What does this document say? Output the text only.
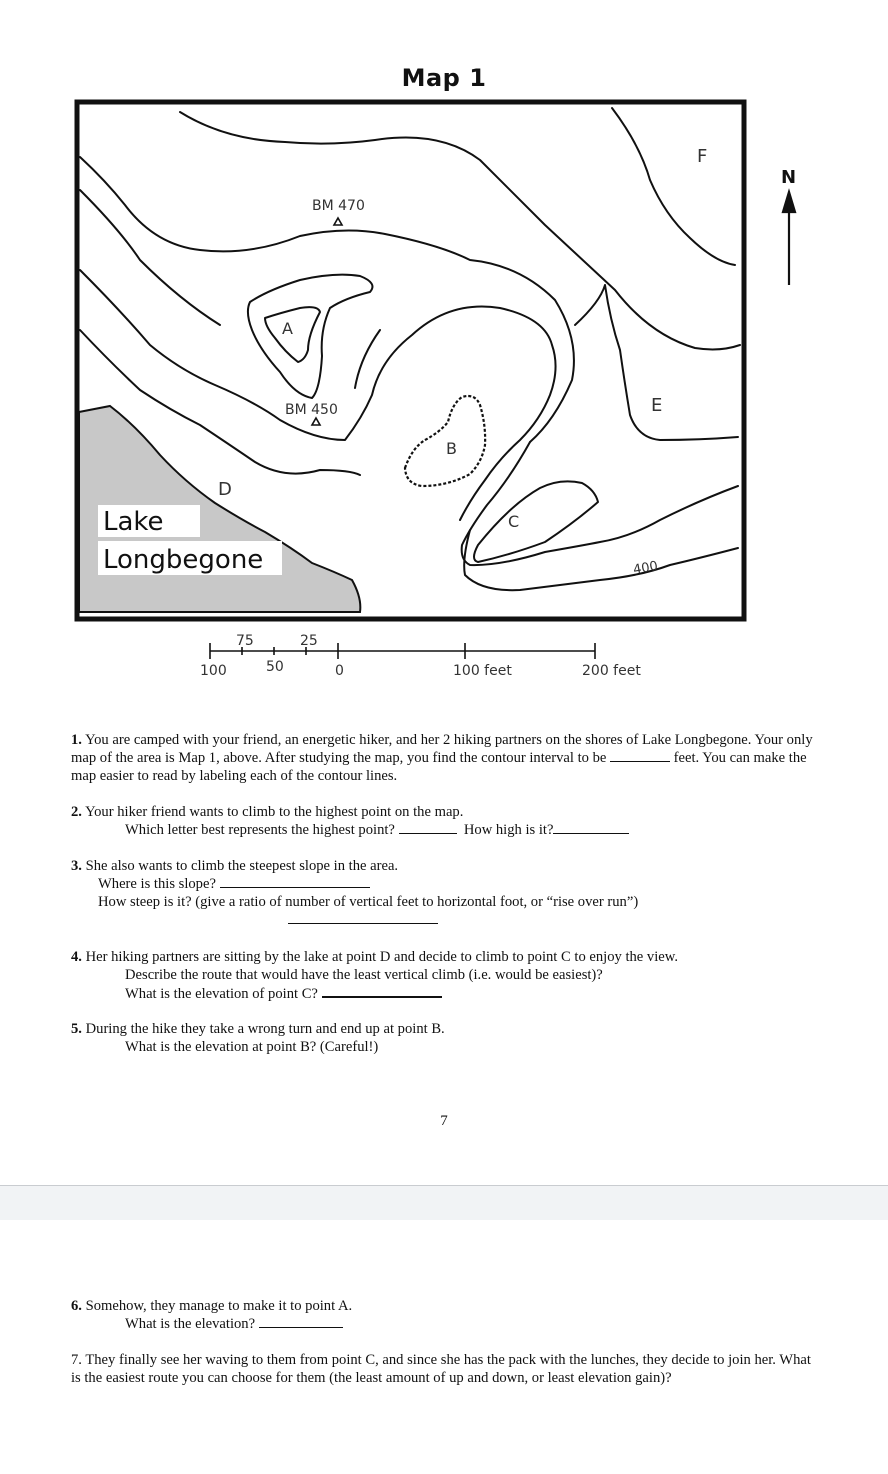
Map 1
BM 470
BM 450
A
B
C
D
E
F
400
Lake
Longbegone
N
75	25
100	50	0	100 feet	200 feet
1. You are camped with your friend, an energetic hiker, and her 2 hiking partners on the shores of Lake Longbegone. Your only map of the area is Map 1, above. After studying the map, you find the contour interval to be	feet. You can make the map easier to read by labeling each of the contour lines.
2. Your hiker friend wants to climb to the highest point on the map.
Which letter best represents the highest point?	How high is it?
3. She also wants to climb the steepest slope in the area.
Where is this slope?
How steep is it? (give a ratio of number of vertical feet to horizontal foot, or “rise over run”)
4. Her hiking partners are sitting by the lake at point D and decide to climb to point C to enjoy the view.
Describe the route that would have the least vertical climb (i.e. would be easiest)?
What is the elevation of point C?
5. During the hike they take a wrong turn and end up at point B.
What is the elevation at point B? (Careful!)
7
6. Somehow, they manage to make it to point A.
What is the elevation?
7. They finally see her waving to them from point C, and since she has the pack with the lunches, they decide to join her. What is the easiest route you can choose for them (the least amount of up and down, or least elevation gain)?
